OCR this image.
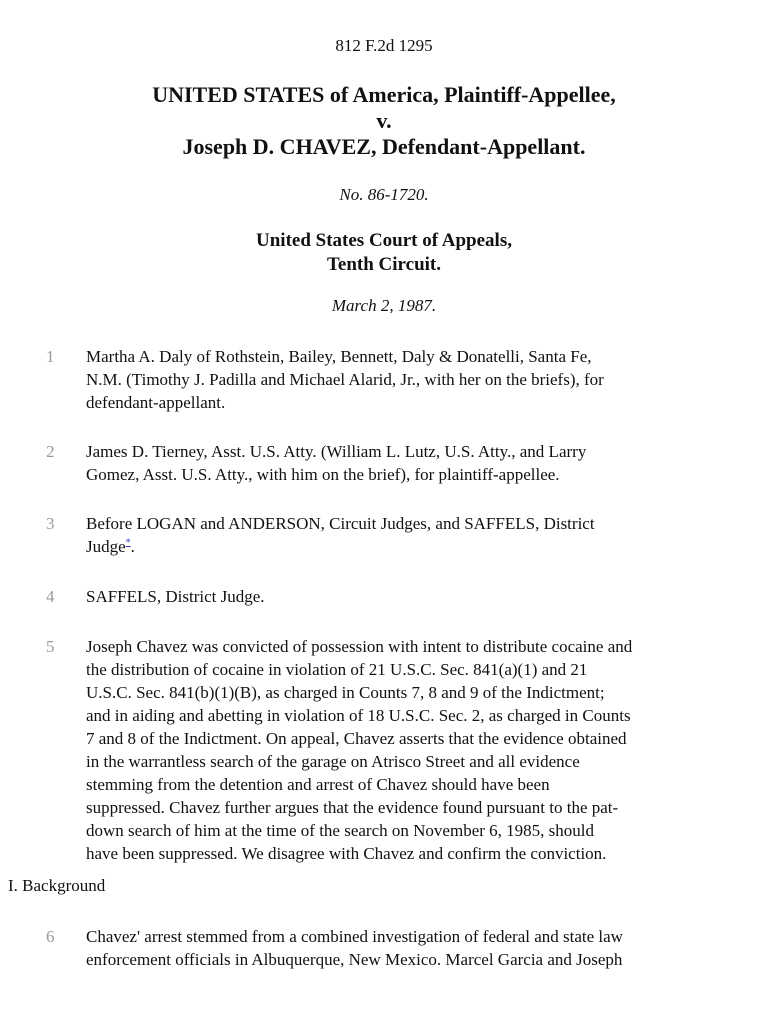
812 F.2d 1295
UNITED STATES of America, Plaintiff-Appellee,
v.
Joseph D. CHAVEZ, Defendant-Appellant.
No. 86-1720.
United States Court of Appeals,
Tenth Circuit.
March 2, 1987.
1 Martha A. Daly of Rothstein, Bailey, Bennett, Daly & Donatelli, Santa Fe,
N.M. (Timothy J. Padilla and Michael Alarid, Jr., with her on the briefs), for
defendant-appellant.
2 James D. Tierney, Asst. U.S. Atty. (William L. Lutz, U.S. Atty., and Larry
Gomez, Asst. U.S. Atty., with him on the brief), for plaintiff-appellee.
3 Before LOGAN and ANDERSON, Circuit Judges, and SAFFELS, District
Judge*.
4 SAFFELS, District Judge.
5 Joseph Chavez was convicted of possession with intent to distribute cocaine and
the distribution of cocaine in violation of 21 U.S.C. Sec. 841(a)(1) and 21
U.S.C. Sec. 841(b)(1)(B), as charged in Counts 7, 8 and 9 of the Indictment;
and in aiding and abetting in violation of 18 U.S.C. Sec. 2, as charged in Counts
7 and 8 of the Indictment. On appeal, Chavez asserts that the evidence obtained
in the warrantless search of the garage on Atrisco Street and all evidence
stemming from the detention and arrest of Chavez should have been
suppressed. Chavez further argues that the evidence found pursuant to the pat-
down search of him at the time of the search on November 6, 1985, should
have been suppressed. We disagree with Chavez and confirm the conviction.
I. Background
6 Chavez' arrest stemmed from a combined investigation of federal and state law
enforcement officials in Albuquerque, New Mexico. Marcel Garcia and Joseph
